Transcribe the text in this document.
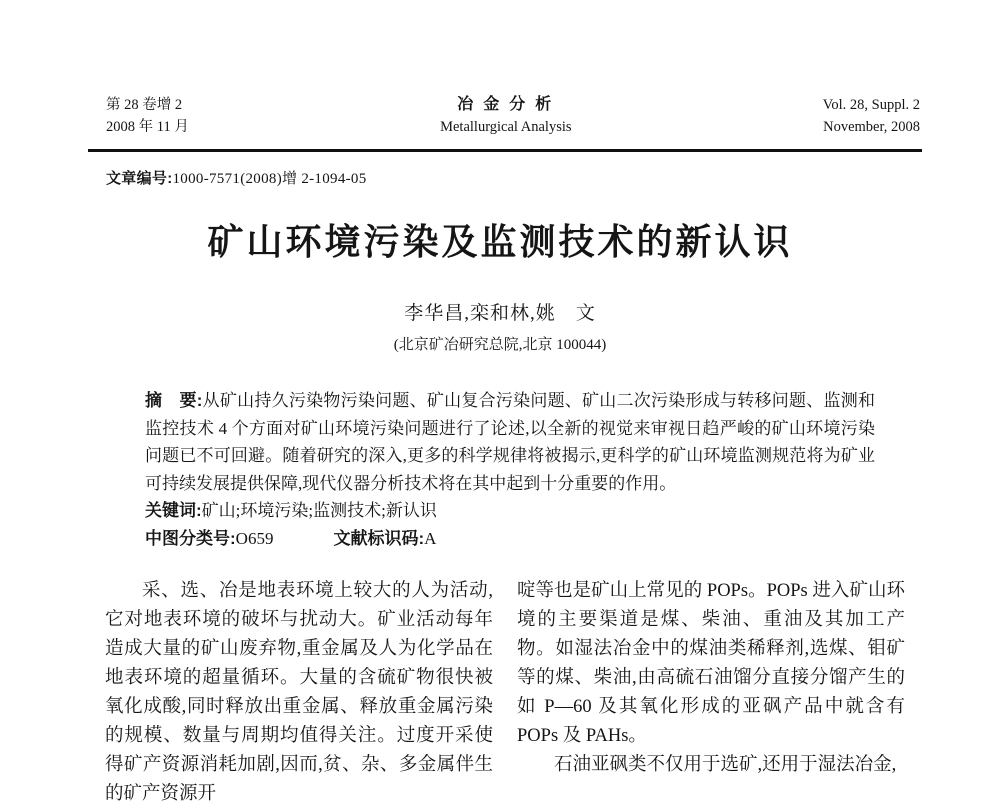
第 28 卷增 2
2008 年 11 月
冶 金 分 析
Metallurgical Analysis
Vol. 28, Suppl. 2
November, 2008
文章编号:1000-7571(2008)增 2-1094-05
矿山环境污染及监测技术的新认识
李华昌,栾和林,姚　文
(北京矿冶研究总院,北京 100044)

摘　要:从矿山持久污染物污染问题、矿山复合污染问题、矿山二次污染形成与转移问题、监测和监控技术 4 个方面对矿山环境污染问题进行了论述,以全新的视觉来审视日趋严峻的矿山环境污染问题已不可回避。随着研究的深入,更多的科学规律将被揭示,更科学的矿山环境监测规范将为矿业可持续发展提供保障,现代仪器分析技术将在其中起到十分重要的作用。

关键词:矿山;环境污染;监测技术;新认识

中图分类号:O659	文献标识码:A

采、选、冶是地表环境上较大的人为活动,它对地表环境的破坏与扰动大。矿业活动每年造成大量的矿山废弃物,重金属及人为化学品在地表环境的超量循环。大量的含硫矿物很快被氧化成酸,同时释放出重金属、释放重金属污染的规模、数量与周期均值得关注。过度开采使得矿产资源消耗加剧,因而,贫、杂、多金属伴生的矿产资源开

啶等也是矿山上常见的 POPs。POPs 进入矿山环境的主要渠道是煤、柴油、重油及其加工产物。如湿法冶金中的煤油类稀释剂,选煤、钼矿等的煤、柴油,由高硫石油馏分直接分馏产生的如 P—60 及其氧化形成的亚砜产品中就含有 POPs 及 PAHs。

石油亚砜类不仅用于选矿,还用于湿法冶金,
